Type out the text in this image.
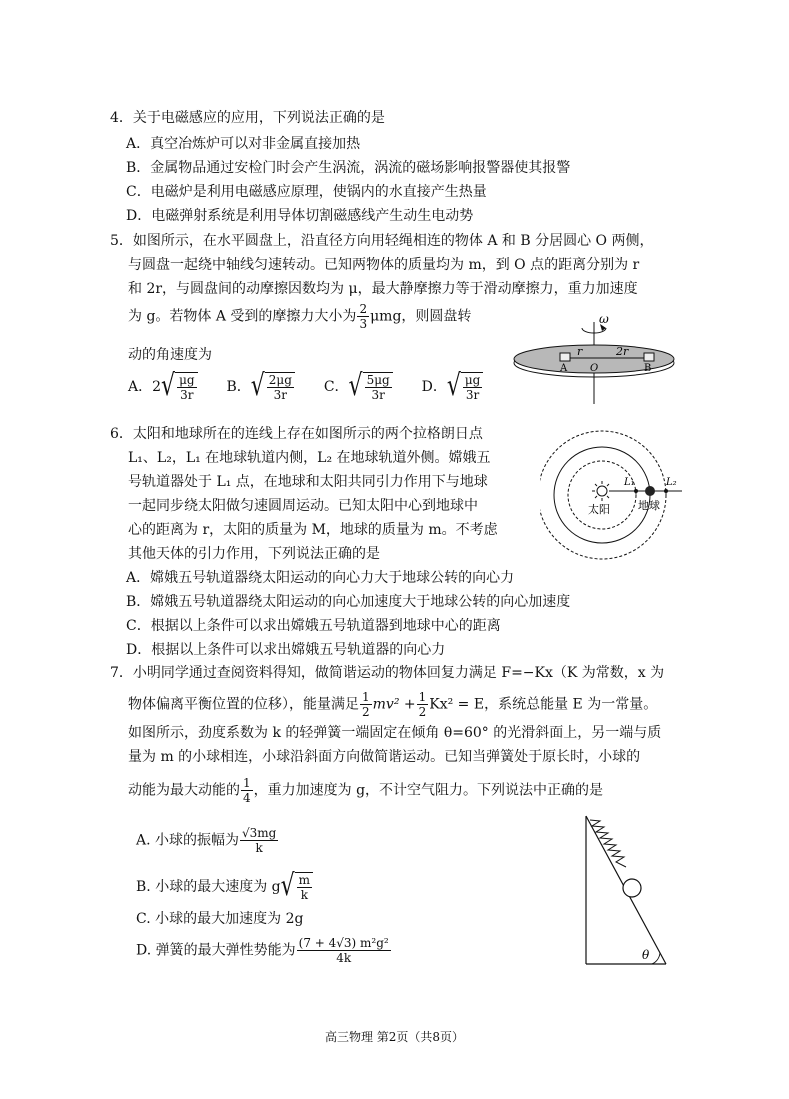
4．关于电磁感应的应用，下列说法正确的是
A．真空冶炼炉可以对非金属直接加热
B．金属物品通过安检门时会产生涡流，涡流的磁场影响报警器使其报警
C．电磁炉是利用电磁感应原理，使锅内的水直接产生热量
D．电磁弹射系统是利用导体切割磁感线产生动生电动势
5．如图所示，在水平圆盘上，沿直径方向用轻绳相连的物体 A 和 B 分居圆心 O 两侧，
与圆盘一起绕中轴线匀速转动。已知两物体的质量均为 m，到 O 点的距离分别为 r
和 2r，与圆盘间的动摩擦因数均为 μ，最大静摩擦力等于滑动摩擦力，重力加速度
为 g。若物体 A 受到的摩擦力大小为 $\frac{2}{3}$ μmg，则圆盘转
动的角速度为
A．2 √ $\frac{\mu g}{3r}$ B． √ $\frac{2\mu g}{3r}$ C． √ $\frac{5\mu g}{3r}$ D． √ $\frac{\mu g}{3r}$
ω
r	2r
O
A	B
6．太阳和地球所在的连线上存在如图所示的两个拉格朗日点
L₁、L₂，L₁ 在地球轨道内侧，L₂ 在地球轨道外侧。嫦娥五
号轨道器处于 L₁ 点，在地球和太阳共同引力作用下与地球
一起同步绕太阳做匀速圆周运动。已知太阳中心到地球中
心的距离为 r，太阳的质量为 M，地球的质量为 m。不考虑
其他天体的引力作用，下列说法正确的是
A．嫦娥五号轨道器绕太阳运动的向心力大于地球公转的向心力
B．嫦娥五号轨道器绕太阳运动的向心加速度大于地球公转的向心加速度
C．根据以上条件可以求出嫦娥五号轨道器到地球中心的距离
D．根据以上条件可以求出嫦娥五号轨道器的向心力
L₁	L₂
太阳	地球
7．小明同学通过查阅资料得知，做简谐运动的物体回复力满足 F=−Kx（K 为常数，x 为
物体偏离平衡位置的位移），能量满足 $\frac{1}{2} mv^2 + \frac{1}{2} Kx^2 = E$，系统总能量 E 为一常量。
如图所示，劲度系数为 k 的轻弹簧一端固定在倾角 θ=60° 的光滑斜面上，另一端与质
量为 m 的小球相连，小球沿斜面方向做简谐运动。已知当弹簧处于原长时，小球的
动能为最大动能的 $\frac{1}{4}$ ，重力加速度为 g，不计空气阻力。下列说法中正确的是
A. 小球的振幅为 $\frac{√3mg}{k}$
B. 小球的最大速度为 g √ $\frac{m}{k}$
C. 小球的最大加速度为 2g
D. 弹簧的最大弹性势能为 $\frac{\text{(7 + 4√3) m²g²}}{4k}$	θ
高三物理 第2页（共8页）
